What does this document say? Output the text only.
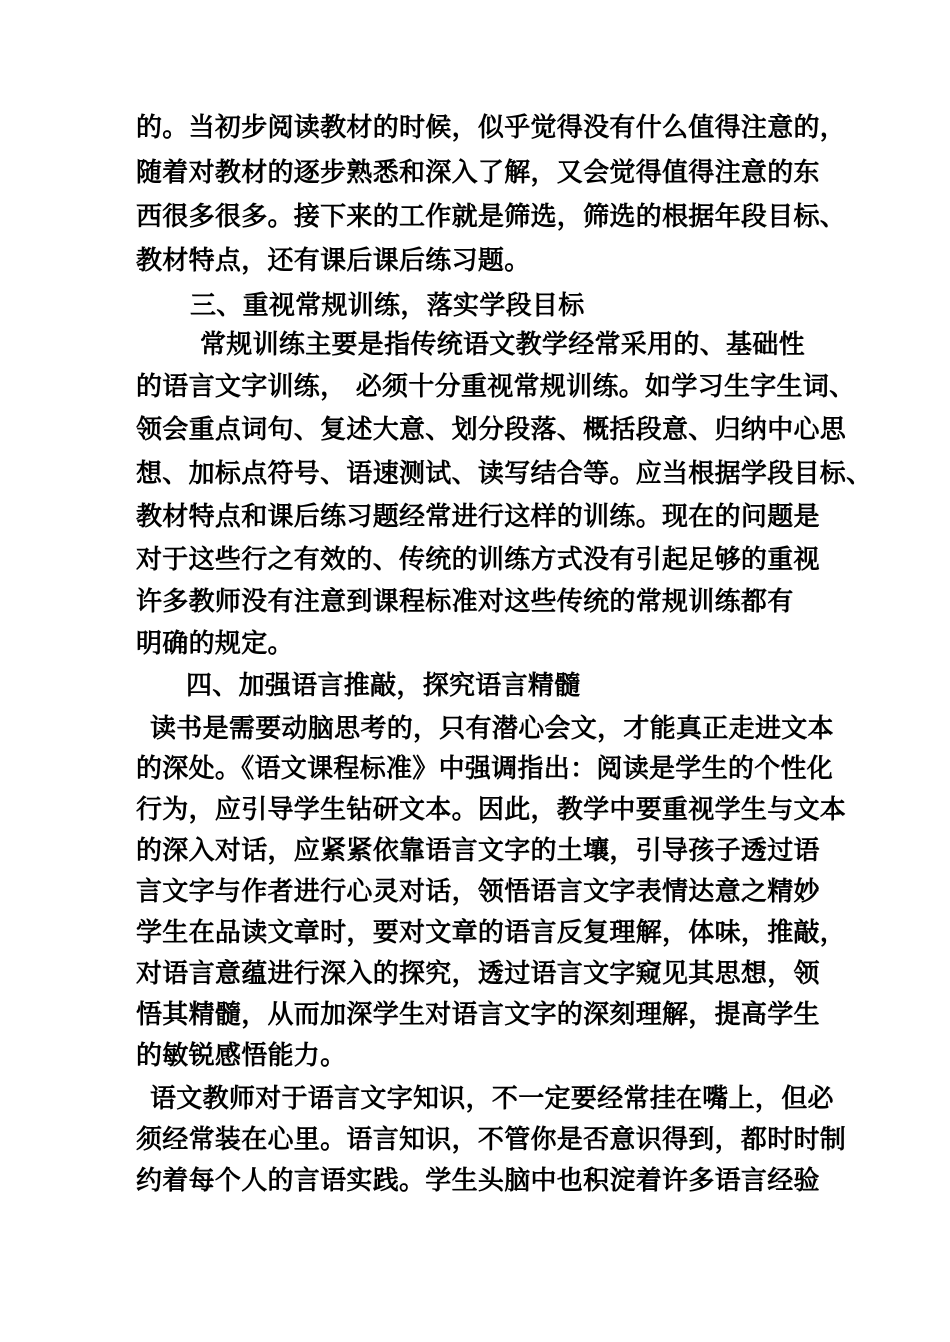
的。当初步阅读教材的时候，似乎觉得没有什么值得注意的，
随着对教材的逐步熟悉和深入了解，又会觉得值得注意的东
西很多很多。接下来的工作就是筛选，筛选的根据年段目标、
教材特点，还有课后课后练习题。
三、重视常规训练，落实学段目标
常规训练主要是指传统语文教学经常采用的、基础性
的语言文字训练， 必须十分重视常规训练。如学习生字生词、
领会重点词句、复述大意、划分段落、概括段意、归纳中心思
想、加标点符号、语速测试、读写结合等。应当根据学段目标、
教材特点和课后练习题经常进行这样的训练。现在的问题是
对于这些行之有效的、传统的训练方式没有引起足够的重视
许多教师没有注意到课程标准对这些传统的常规训练都有
明确的规定。
四、加强语言推敲，探究语言精髓
读书是需要动脑思考的，只有潜心会文，才能真正走进文本
的深处。《语文课程标准》中强调指出：阅读是学生的个性化
行为，应引导学生钻研文本。因此，教学中要重视学生与文本
的深入对话，应紧紧依靠语言文字的土壤，引导孩子透过语
言文字与作者进行心灵对话，领悟语言文字表情达意之精妙
学生在品读文章时，要对文章的语言反复理解，体味，推敲，
对语言意蕴进行深入的探究，透过语言文字窥见其思想，领
悟其精髓，从而加深学生对语言文字的深刻理解，提高学生
的敏锐感悟能力。
语文教师对于语言文字知识，不一定要经常挂在嘴上，但必
须经常装在心里。语言知识，不管你是否意识得到，都时时制
约着每个人的言语实践。学生头脑中也积淀着许多语言经验
